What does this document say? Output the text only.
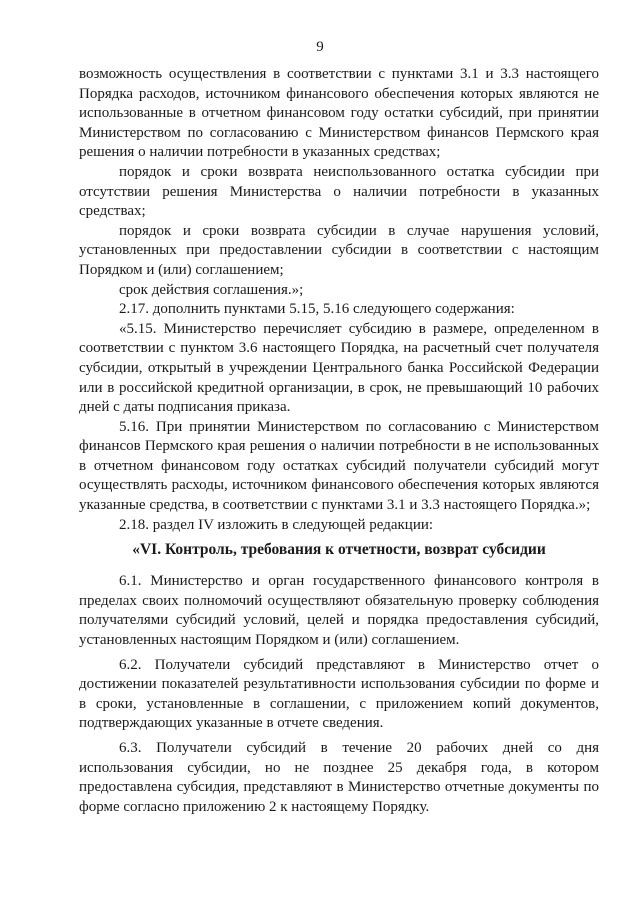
9

возможность осуществления в соответствии с пунктами 3.1 и 3.3 настоящего Порядка расходов, источником финансового обеспечения которых являются не использованные в отчетном финансовом году остатки субсидий, при принятии Министерством по согласованию с Министерством финансов Пермского края решения о наличии потребности в указанных средствах;

порядок и сроки возврата неиспользованного остатка субсидии при отсутствии решения Министерства о наличии потребности в указанных средствах;

порядок и сроки возврата субсидии в случае нарушения условий, установленных при предоставлении субсидии в соответствии с настоящим Порядком и (или) соглашением;

срок действия соглашения.»;

2.17. дополнить пунктами 5.15, 5.16 следующего содержания:

«5.15. Министерство перечисляет субсидию в размере, определенном в соответствии с пунктом 3.6 настоящего Порядка, на расчетный счет получателя субсидии, открытый в учреждении Центрального банка Российской Федерации или в российской кредитной организации, в срок, не превышающий 10 рабочих дней с даты подписания приказа.

5.16. При принятии Министерством по согласованию с Министерством финансов Пермского края решения о наличии потребности в не использованных в отчетном финансовом году остатках субсидий получатели субсидий могут осуществлять расходы, источником финансового обеспечения которых являются указанные средства, в соответствии с пунктами 3.1 и 3.3 настоящего Порядка.»;

2.18. раздел IV изложить в следующей редакции:

«VI. Контроль, требования к отчетности, возврат субсидии

6.1. Министерство и орган государственного финансового контроля в пределах своих полномочий осуществляют обязательную проверку соблюдения получателями субсидий условий, целей и порядка предоставления субсидий, установленных настоящим Порядком и (или) соглашением.

6.2. Получатели субсидий представляют в Министерство отчет о достижении показателей результативности использования субсидии по форме и в сроки, установленные в соглашении, с приложением копий документов, подтверждающих указанные в отчете сведения.

6.3. Получатели субсидий в течение 20 рабочих дней со дня использования субсидии, но не позднее 25 декабря года, в котором предоставлена субсидия, представляют в Министерство отчетные документы по форме согласно приложению 2 к настоящему Порядку.
